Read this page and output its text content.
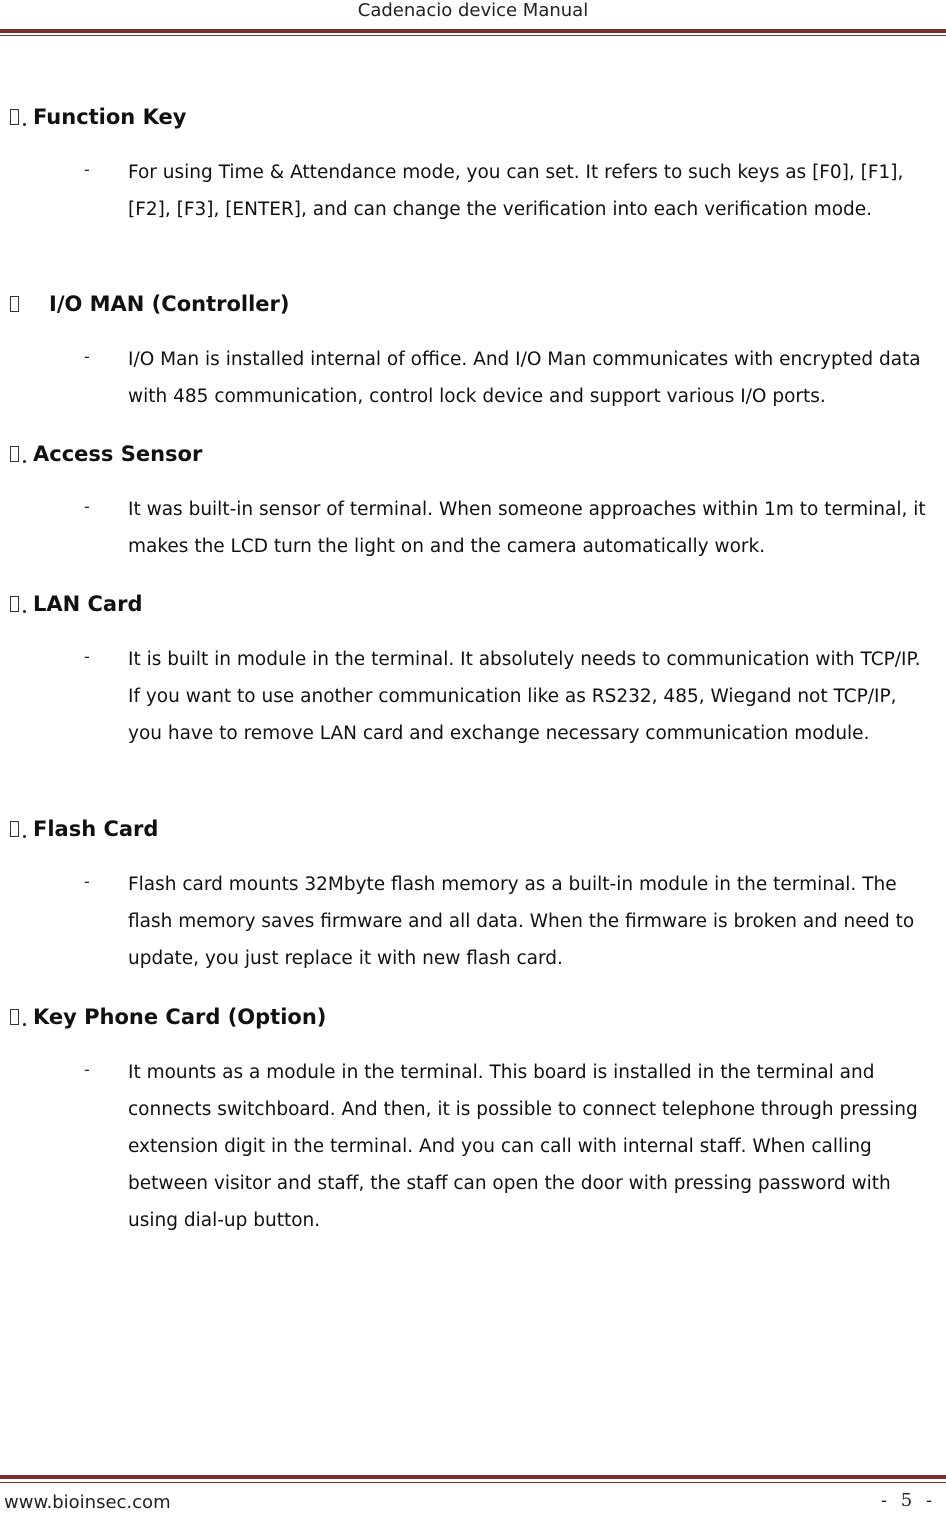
Cadenacio device Manual
Function Key
- For using Time & Attendance mode, you can set. It refers to such keys as [F0], [F1], [F2], [F3], [ENTER], and can change the verification into each verification mode.
I/O MAN (Controller)
- I/O Man is installed internal of office. And I/O Man communicates with encrypted data with 485 communication, control lock device and support various I/O ports.
Access Sensor
- It was built-in sensor of terminal. When someone approaches within 1m to terminal, it makes the LCD turn the light on and the camera automatically work.
LAN Card
- It is built in module in the terminal. It absolutely needs to communication with TCP/IP. If you want to use another communication like as RS232, 485, Wiegand not TCP/IP, you have to remove LAN card and exchange necessary communication module.
Flash Card
- Flash card mounts 32Mbyte flash memory as a built-in module in the terminal. The flash memory saves firmware and all data. When the firmware is broken and need to update, you just replace it with new flash card.
Key Phone Card (Option)
- It mounts as a module in the terminal. This board is installed in the terminal and connects switchboard. And then, it is possible to connect telephone through pressing extension digit in the terminal. And you can call with internal staff. When calling between visitor and staff, the staff can open the door with pressing password with using dial-up button.
www.bioinsec.com	- 5 -
